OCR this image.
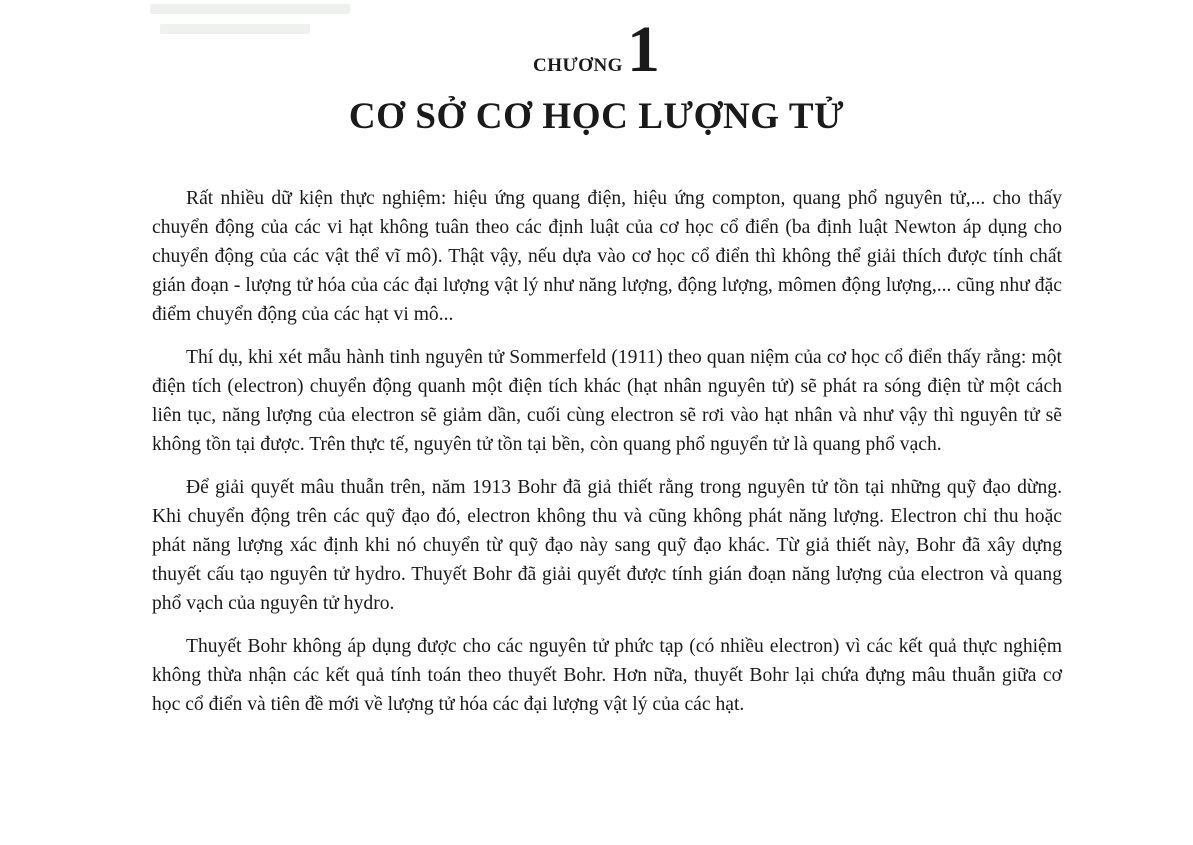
CHƯƠNG1
CƠ SỞ CƠ HỌC LƯỢNG TỬ

Rất nhiều dữ kiện thực nghiệm: hiệu ứng quang điện, hiệu ứng compton, quang phổ nguyên tử,... cho thấy chuyển động của các vi hạt không tuân theo các định luật của cơ học cổ điển (ba định luật Newton áp dụng cho chuyển động của các vật thể vĩ mô). Thật vậy, nếu dựa vào cơ học cổ điển thì không thể giải thích được tính chất gián đoạn - lượng tử hóa của các đại lượng vật lý như năng lượng, động lượng, mômen động lượng,... cũng như đặc điểm chuyển động của các hạt vi mô...

Thí dụ, khi xét mẫu hành tinh nguyên tử Sommerfeld (1911) theo quan niệm của cơ học cổ điển thấy rằng: một điện tích (electron) chuyển động quanh một điện tích khác (hạt nhân nguyên tử) sẽ phát ra sóng điện từ một cách liên tục, năng lượng của electron sẽ giảm dần, cuối cùng electron sẽ rơi vào hạt nhân và như vậy thì nguyên tử sẽ không tồn tại được. Trên thực tế, nguyên tử tồn tại bền, còn quang phổ nguyển tử là quang phổ vạch.

Để giải quyết mâu thuẫn trên, năm 1913 Bohr đã giả thiết rằng trong nguyên tử tồn tại những quỹ đạo dừng. Khi chuyển động trên các quỹ đạo đó, electron không thu và cũng không phát năng lượng. Electron chỉ thu hoặc phát năng lượng xác định khi nó chuyển từ quỹ đạo này sang quỹ đạo khác. Từ giả thiết này, Bohr đã xây dựng thuyết cấu tạo nguyên tử hydro. Thuyết Bohr đã giải quyết được tính gián đoạn năng lượng của electron và quang phổ vạch của nguyên tử hydro.

Thuyết Bohr không áp dụng được cho các nguyên tử phức tạp (có nhiều electron) vì các kết quả thực nghiệm không thừa nhận các kết quả tính toán theo thuyết Bohr. Hơn nữa, thuyết Bohr lại chứa đựng mâu thuẫn giữa cơ học cổ điển và tiên đề mới về lượng tử hóa các đại lượng vật lý của các hạt.
